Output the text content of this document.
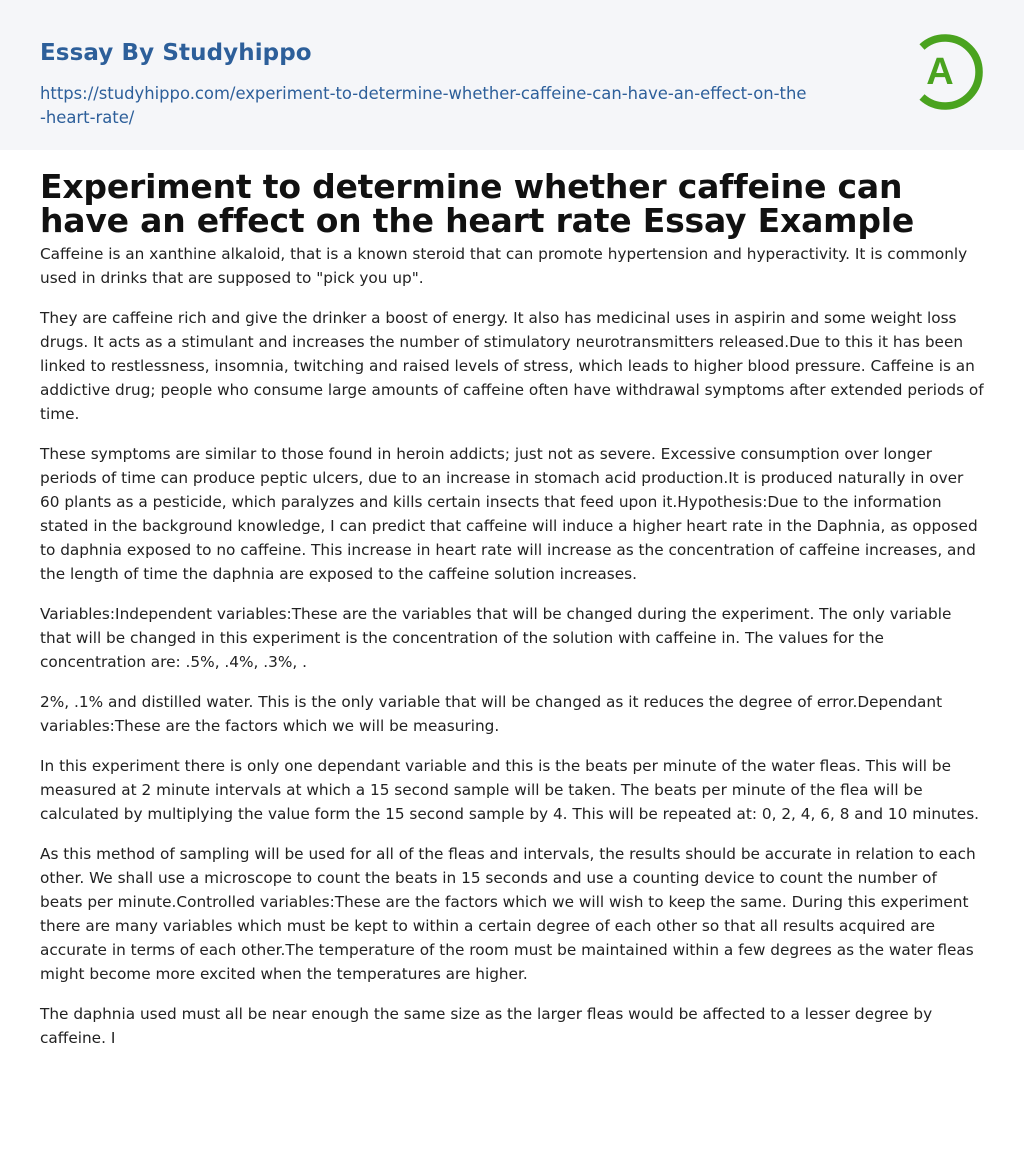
Essay By Studyhippo
https://studyhippo.com/experiment-to-determine-whether-caffeine-can-have-an-effect-on-the-heart-rate/
A
Experiment to determine whether caffeine can have an effect on the heart rate Essay Example

Caffeine is an xanthine alkaloid, that is a known steroid that can promote hypertension and hyperactivity. It is commonly used in drinks that are supposed to "pick you up".

They are caffeine rich and give the drinker a boost of energy. It also has medicinal uses in aspirin and some weight loss drugs. It acts as a stimulant and increases the number of stimulatory neurotransmitters released.Due to this it has been linked to restlessness, insomnia, twitching and raised levels of stress, which leads to higher blood pressure. Caffeine is an addictive drug; people who consume large amounts of caffeine often have withdrawal symptoms after extended periods of time.

These symptoms are similar to those found in heroin addicts; just not as severe. Excessive consumption over longer periods of time can produce peptic ulcers, due to an increase in stomach acid production.It is produced naturally in over 60 plants as a pesticide, which paralyzes and kills certain insects that feed upon it.Hypothesis:Due to the information stated in the background knowledge, I can predict that caffeine will induce a higher heart rate in the Daphnia, as opposed to daphnia exposed to no caffeine. This increase in heart rate will increase as the concentration of caffeine increases, and the length of time the daphnia are exposed to the caffeine solution increases.

Variables:Independent variables:These are the variables that will be changed during the experiment. The only variable that will be changed in this experiment is the concentration of the solution with caffeine in. The values for the concentration are: .5%, .4%, .3%, .

2%, .1% and distilled water. This is the only variable that will be changed as it reduces the degree of error.Dependant variables:These are the factors which we will be measuring.

In this experiment there is only one dependant variable and this is the beats per minute of the water fleas. This will be measured at 2 minute intervals at which a 15 second sample will be taken. The beats per minute of the flea will be calculated by multiplying the value form the 15 second sample by 4. This will be repeated at: 0, 2, 4, 6, 8 and 10 minutes.

As this method of sampling will be used for all of the fleas and intervals, the results should be accurate in relation to each other. We shall use a microscope to count the beats in 15 seconds and use a counting device to count the number of beats per minute.Controlled variables:These are the factors which we will wish to keep the same. During this experiment there are many variables which must be kept to within a certain degree of each other so that all results acquired are accurate in terms of each other.The temperature of the room must be maintained within a few degrees as the water fleas might become more excited when the temperatures are higher.

The daphnia used must all be near enough the same size as the larger fleas would be affected to a lesser degree by caffeine. I
